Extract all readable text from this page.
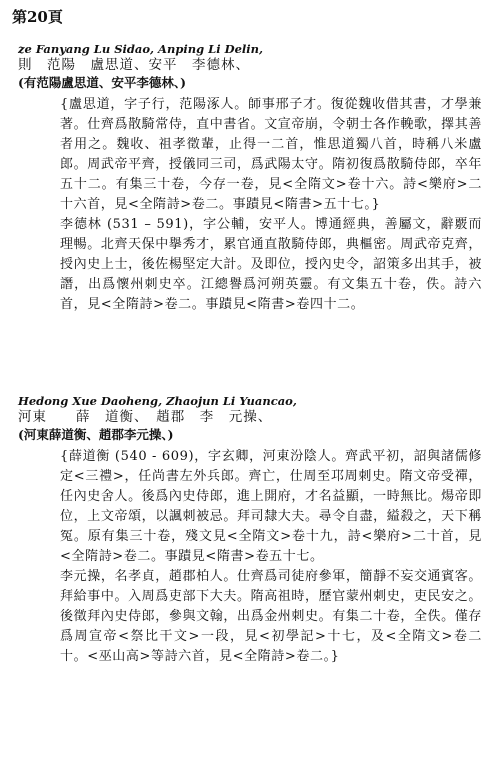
第20頁
ze Fanyang Lu Sidao, Anping Li Delin,
則　范陽　盧思道、安平　李德林、
(有范陽盧思道、安平李德林、)

{盧思道，字子行，范陽涿人。師事邢子才。復從魏收借其書，才學兼著。仕齊爲散騎常侍，直中書省。文宣帝崩，令朝士各作輓歌，擇其善者用之。魏收、祖孝徵輩，止得一二首，惟思道獨八首，時稱八米盧郎。周武帝平齊，授儀同三司，爲武陽太守。隋初復爲散騎侍郎，卒年五十二。有集三十卷，今存一卷，見<全隋文>卷十六。詩<樂府>二十六首，見<全隋詩>卷二。事蹟見<隋書>五十七。}

李德林 (531 – 591)，字公輔，安平人。博通經典，善屬文，辭覈而理暢。北齊天保中擧秀才，累官通直散騎侍郎，典樞密。周武帝克齊，授內史上士，後佐楊堅定大計。及即位，授內史令，詔策多出其手，被譖，出爲懷州刺史卒。江總譽爲河朔英靈。有文集五十卷，佚。詩六首，見<全隋詩>卷二。事蹟見<隋書>卷四十二。

Hedong Xue Daoheng, Zhaojun Li Yuancao,
河東　　薛　道衡、　趙郡　李　元操、
(河東薛道衡、趙郡李元操、)

{薛道衡 (540 - 609)，字玄卿，河東汾陰人。齊武平初，詔與諸儒修定<三禮>，任尚書左外兵郎。齊亡，仕周至邛周刺史。隋文帝受禪，任內史舍人。後爲內史侍郎，進上開府，才名益顯，一時無比。煬帝即位，上文帝頌，以諷刺被忌。拜司隸大夫。尋令自盡，縊殺之，天下稱冤。原有集三十卷，殘文見<全隋文>卷十九，詩<樂府>二十首，見<全隋詩>卷二。事蹟見<隋書>卷五十七。

李元操，名孝貞，趙郡柏人。仕齊爲司徒府參軍，簡靜不妄交通賓客。拜給事中。入周爲吏部下大夫。隋高祖時，歷官蒙州刺史，吏民安之。後徵拜內史侍郎，參與文翰，出爲金州刺史。有集二十卷，全佚。僅存爲周宣帝<祭比干文>一段，見<初學記>十七，及<全隋文>卷二十。<巫山高>等詩六首，見<全隋詩>卷二。}
